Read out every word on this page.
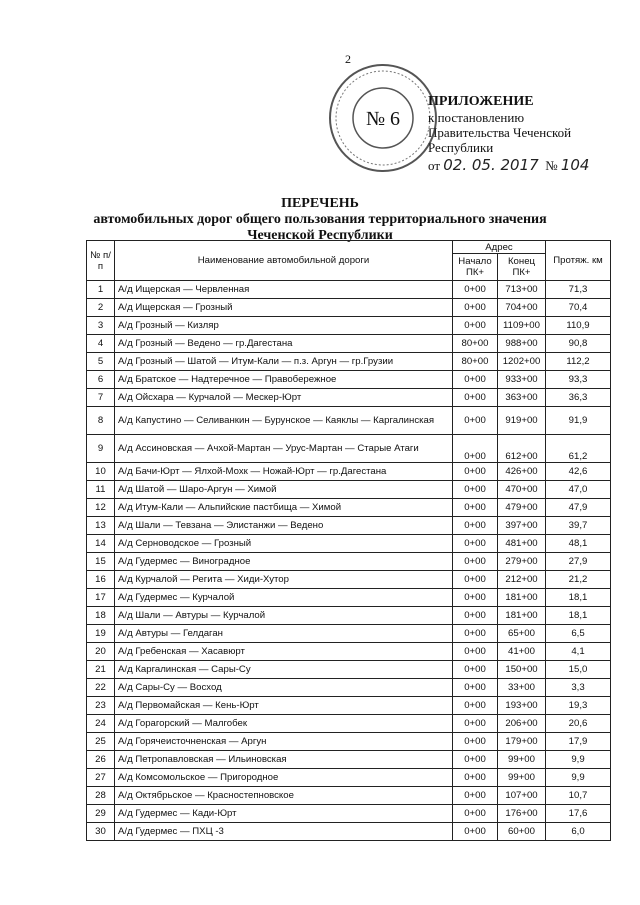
2
№ 6
ПРИЛОЖЕНИЕ
к постановлению
Правительства Чеченской
Республики
от 02. 05. 2017 № 104
ПЕРЕЧЕНЬ
автомобильных дорог общего пользования территориального значения
Чеченской Республики
№ п/п	Наименование автомобильной дороги	Адрес		Протяж. км
		Начало ПК+	Конец ПК+	
1	А/д Ищерская — Червленная	0+00	713+00	71,3
2	А/д Ищерская — Грозный	0+00	704+00	70,4
3	А/д Грозный — Кизляр	0+00	1109+00	110,9
4	А/д Грозный — Ведено — гр.Дагестана	80+00	988+00	90,8
5	А/д Грозный — Шатой — Итум-Кали — п.з. Аргун — гр.Грузии	80+00	1202+00	112,2
6	А/д Братское — Надтеречное — Правобережное	0+00	933+00	93,3
7	А/д Ойсхара — Курчалой — Мескер-Юрт	0+00	363+00	36,3
8	А/д Капустино — Селиванкин — Бурунское — Каяклы — Каргалинская	0+00	919+00	91,9
9	А/д Ассиновская — Ачхой-Мартан — Урус-Мартан — Старые Атаги	0+00	612+00	61,2
10	А/д Бачи-Юрт — Ялхой-Мохк — Ножай-Юрт — гр.Дагестана	0+00	426+00	42,6
11	А/д Шатой — Шаро-Аргун — Химой	0+00	470+00	47,0
12	А/д Итум-Кали — Альпийские пастбища — Химой	0+00	479+00	47,9
13	А/д Шали — Тевзана — Элистанжи — Ведено	0+00	397+00	39,7
14	А/д Серноводское — Грозный	0+00	481+00	48,1
15	А/д Гудермес — Виноградное	0+00	279+00	27,9
16	А/д Курчалой — Регита — Хиди-Хутор	0+00	212+00	21,2
17	А/д Гудермес — Курчалой	0+00	181+00	18,1
18	А/д Шали — Автуры — Курчалой	0+00	181+00	18,1
19	А/д Автуры — Гелдаган	0+00	65+00	6,5
20	А/д Гребенская — Хасавюрт	0+00	41+00	4,1
21	А/д Каргалинская — Сары-Су	0+00	150+00	15,0
22	А/д Сары-Су — Восход	0+00	33+00	3,3
23	А/д Первомайская — Кень-Юрт	0+00	193+00	19,3
24	А/д Горагорский — Малгобек	0+00	206+00	20,6
25	А/д Горячеисточненская — Аргун	0+00	179+00	17,9
26	А/д Петропавловская — Ильиновская	0+00	99+00	9,9
27	А/д Комсомольское — Пригородное	0+00	99+00	9,9
28	А/д Октябрьское — Красностепновское	0+00	107+00	10,7
29	А/д Гудермес — Кади-Юрт	0+00	176+00	17,6
30	А/д Гудермес — ПХЦ -3	0+00	60+00	6,0
